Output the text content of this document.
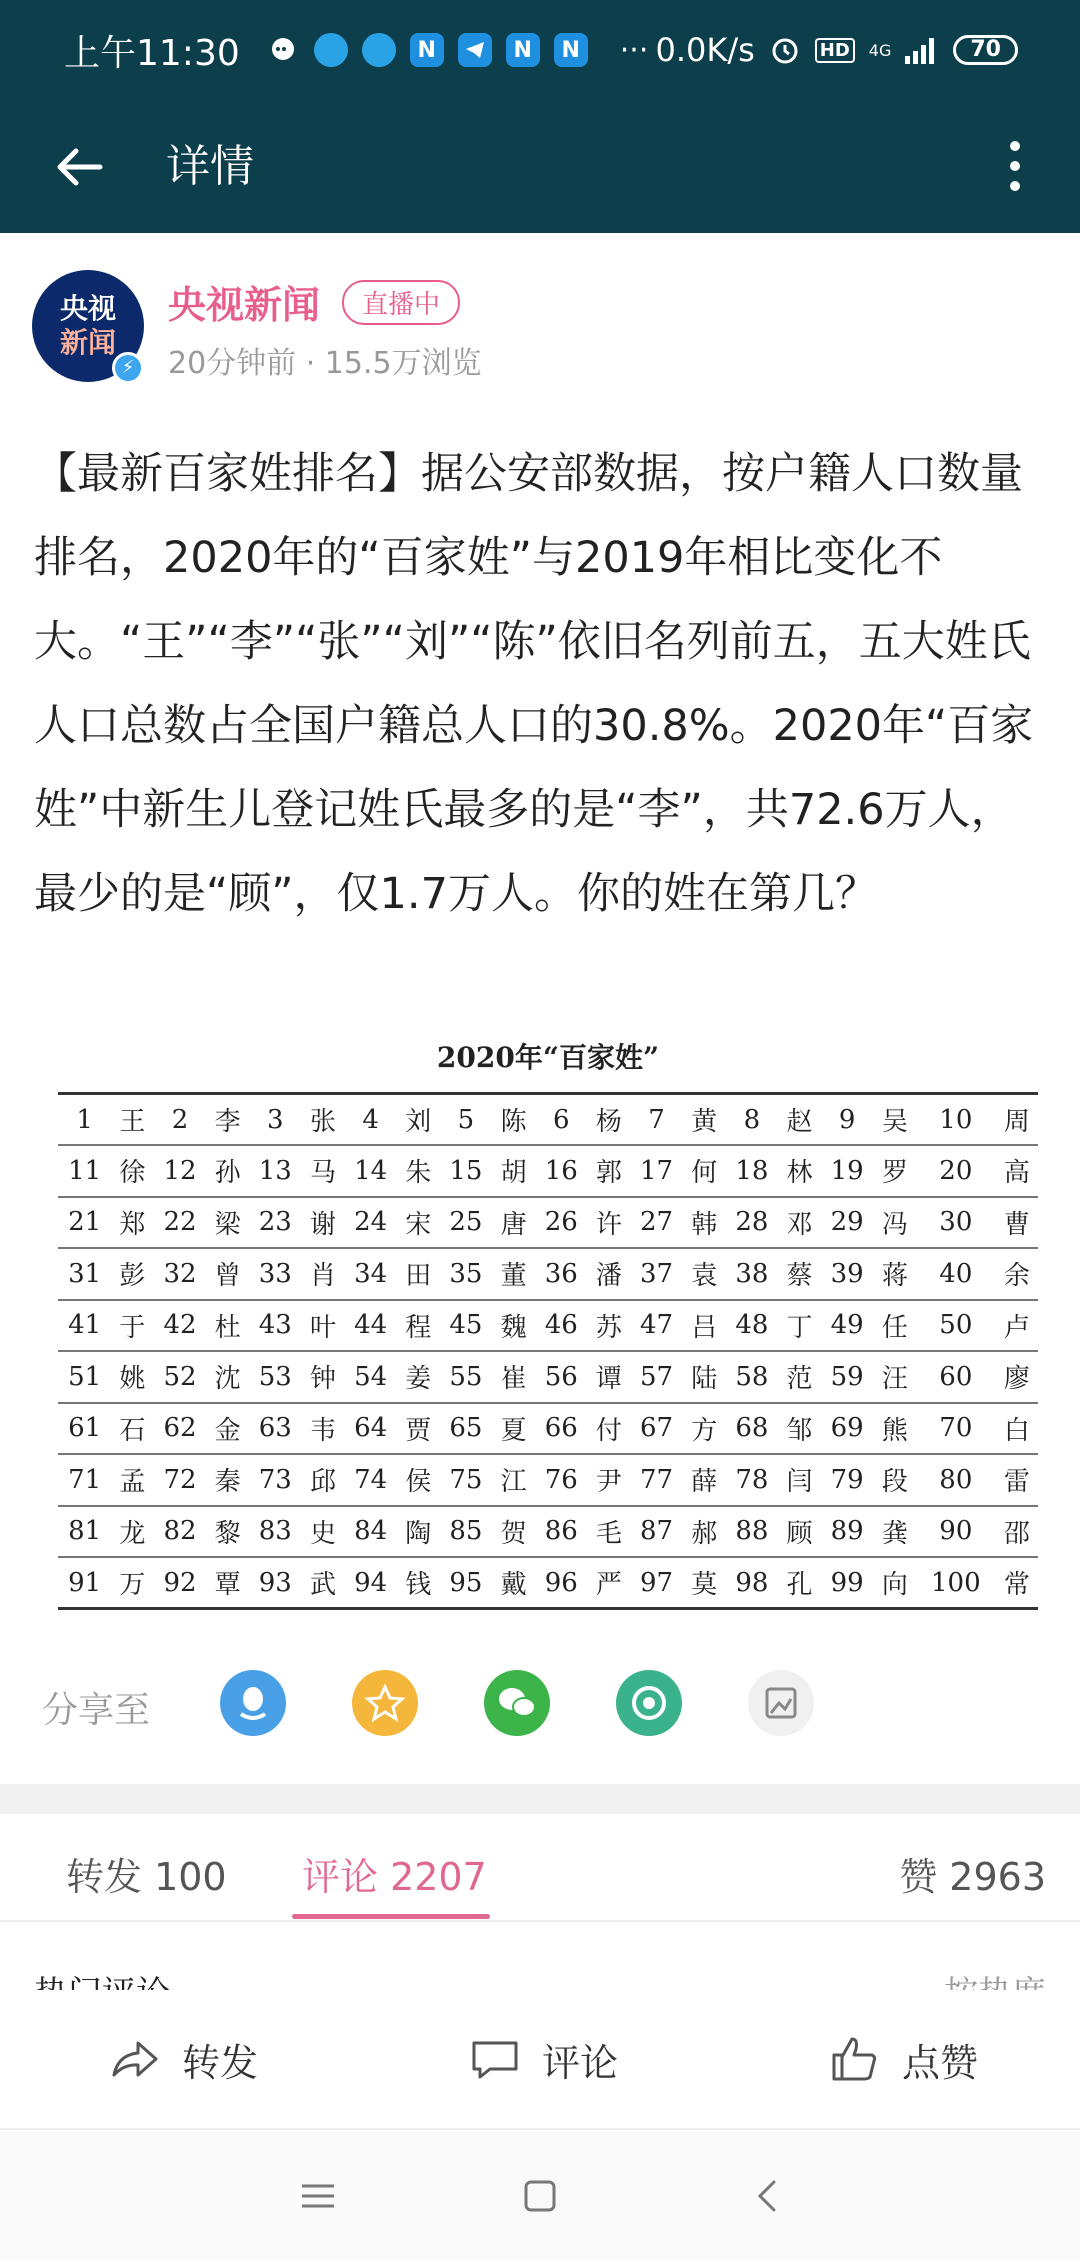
上午11:30	N	N	N ··· 0.0K/s	HD	4G	70
详情
央视
新闻
⚡
央视新闻	直播中
20分钟前 · 15.5万浏览
【最新百家姓排名】据公安部数据，按户籍人口数量排名，2020年的“百家姓”与2019年相比变化不大。“王”“李”“张”“刘”“陈”依旧名列前五，五大姓氏人口总数占全国户籍总人口的30.8%。2020年“百家姓”中新生儿登记姓氏最多的是“李”，共72.6万人，最少的是“顾”，仅1.7万人。你的姓在第几？
2020年“百家姓”
1	王	2	李	3	张	4	刘	5	陈	6	杨	7	黄	8	赵	9	吴	10	周
11	徐	12	孙	13	马	14	朱	15	胡	16	郭	17	何	18	林	19	罗	20	高
21	郑	22	梁	23	谢	24	宋	25	唐	26	许	27	韩	28	邓	29	冯	30	曹
31	彭	32	曾	33	肖	34	田	35	董	36	潘	37	袁	38	蔡	39	蒋	40	余
41	于	42	杜	43	叶	44	程	45	魏	46	苏	47	吕	48	丁	49	任	50	卢
51	姚	52	沈	53	钟	54	姜	55	崔	56	谭	57	陆	58	范	59	汪	60	廖
61	石	62	金	63	韦	64	贾	65	夏	66	付	67	方	68	邹	69	熊	70	白
71	孟	72	秦	73	邱	74	侯	75	江	76	尹	77	薛	78	闫	79	段	80	雷
81	龙	82	黎	83	史	84	陶	85	贺	86	毛	87	郝	88	顾	89	龚	90	邵
91	万	92	覃	93	武	94	钱	95	戴	96	严	97	莫	98	孔	99	向	100	常
分享至
转发 100 评论 2207	赞 2963
转发	评论	点赞
